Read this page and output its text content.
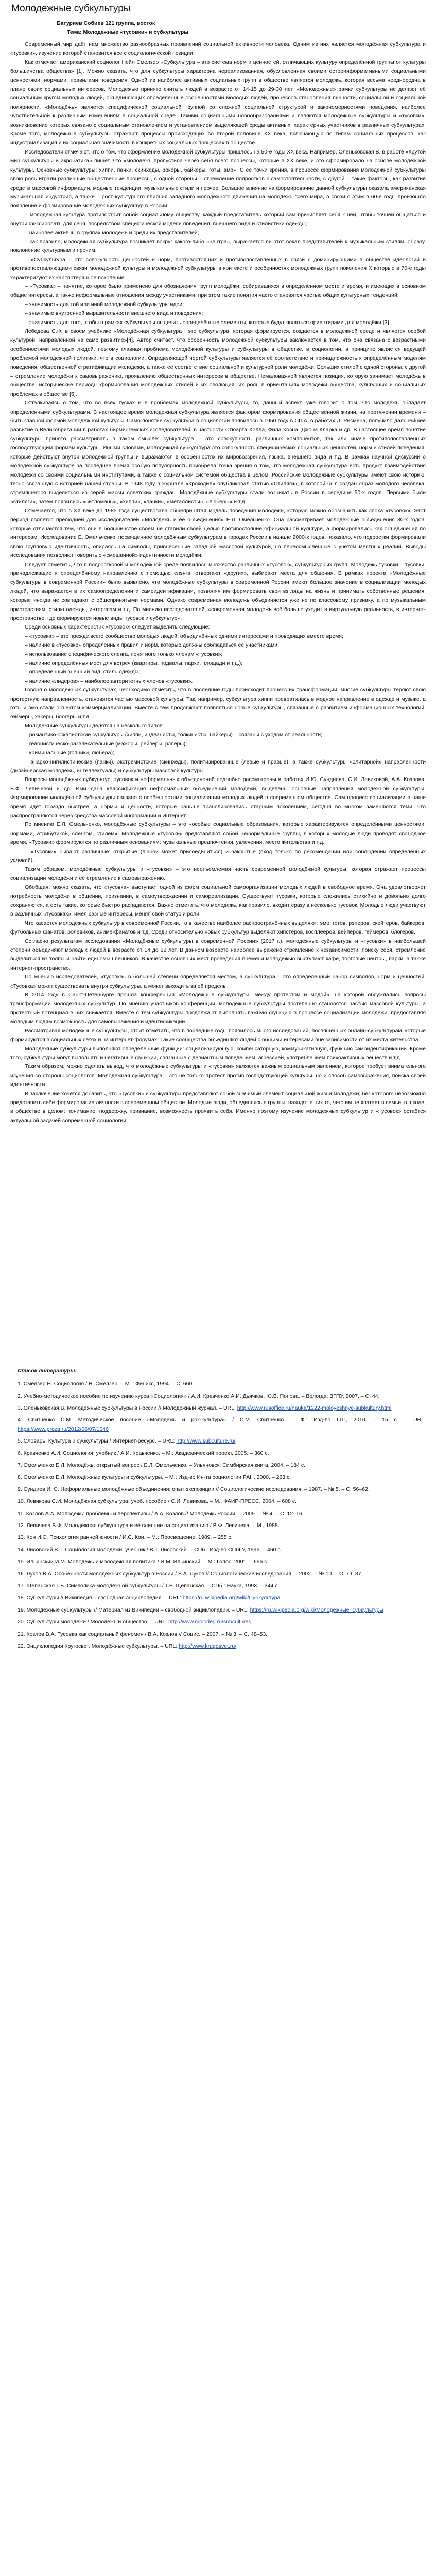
Молодежные субкультуры
Батуриев Собиев 121 группа, восток
Тема: Молодежные «тусовки» и субкультуры

Современный мир даёт нам множество разнообразных проявлений социальной активности человека. Одним из них является молодёжная субкультура и «тусовки», изучение которой становится все с социологической позиции.

Как отмечает американский социолог Нейл Смелзер «Субкультура – это система норм и ценностей, отличающих культуру определённой группы от культуры большинства общества» [1]. Можно сказать, что для субкультуры характерна нереализованная, обусловленная своими остроинформативными социальными ценностями, нормами, правилами поведения. Одной из наиболее активных социальных групп в обществе является молодежь, которая весьма неоднородна в плане своих социальных интересов. Молодёжью принято считать людей в возрасте от 14-15 до 29-30 лет. «Молодежные» рамки субкультуры не делают её социальным кругом молодых людей, объединяющих определённые особенностями молодых людей, процессов становления личности, социальной и социальной полярности. «Молодёжь» является специфической социальной группой со сложной социальной структурой и закономерностями поведения, наиболее чувствительной к различным изменениям в социальной среде. Такими социальными новообразованиями и являются молодёжные субкультуры и «тусовки», возникновение которых связано с социальным становлением и установлением выделяющей среды активных, характерных участников в различных субкультурах. Кроме того, молодёжные субкультуры отражают процессы происходящих во второй половине XX века, включающую по типам социальных процессов, как индустриализация и их социальная значимость в конкретных социальных процессах в обществе.

Исследователи отмечают, что о том, что оформление молодежной субкультуры пришлось на 50-е годы XX века. Например, Оленьковская В. в работе «Крутой мир субкультуры и акробатика» пишет, что «молодежь пропустила через себя всего процессы, которые в XX веке, и это сформировало на основе молодежной культуры. Основные субкультуры: хиппи, панки, скинхеды, рокеры, байкеры, готы, эмо». С ее точки зрения, в процессе формирования молодёжной субкультуры свою роль играли различные общественные процессы, с одной стороны – стремление подростков к самостоятельности, с другой – такие факторы, как развитие средств массовой информации, модные тенденции, музыкальные стили и прочее. Большое влияние на формирование данной субкультуры оказала американская музыкальная индустрия, а также – рост культурного влияния западного молодёжного движения на молодежь всего мира, в связи с этим в 60-е годы произошло появление и формирование молодёжных субкультур в России.

– молодежная культура противостоит собой социальному обществу, каждый представитель который сам причисляет себя к ней, чтобы точней общаться и внутри фиксировать для себя, посредством специфической модели поведения, внешнего вида и стилистики одежды;

– наиболее активны в группах молодежи и среди их представителей;

– как правило, молодежная субкультура возникает вокруг какого-либо «центра», выражается ли этот вокал представителей к музыкальным стилям, образу, поклонение культурным и прочим.

– «Субкультура – это совокупность ценностей и норм, противостоящих и противопоставленных в связи с доминирующими в обществе идеологий и противопоставляющими связи молодежной культуры и молодежной субкультуры в контексте и особенностях молодежных групп поколения Х которые в 70-е годы характеризуют их как "потерянное поколение".

– «Тусовка» – понятие, которое было применено для обозначения групп молодёжи, собиравшихся в определённом месте и время, и имеющих в основном общие интересы, а также неформальные отношения между участниками, при этом такие понятия часто становятся частью общих культурных тенденций;

– значимость для той или иной молодежной субкультуры идеи;

– значимые внутренней выразительности внешнего вида и поведения;

– значимость для того, чтобы в рамках субкультуры выделить определённые элементы, которые будут являться ориентирами для молодёжи [3].

Лебедева С.Ф. в своём учебнике «Молодёжная субкультура : это субкультура, которая формируется, создаётся в молодежной среде и является особой культурой, направленной на само развитие»[4]. Автор считает, что особенность молодежной субкультуры заключается в том, что она связана с возрастными особенностями молодых людей, поэтому главная проблема молодёжной культуры и субкультуры в обществе, в социологии, в принципе является ведущей проблемой молодежной политики, что в социологии. Определяющей чертой субкультуры является её соответствие и принадлежность к определённым моделям поведения, общественной стратификации молодежи, а также её соответствие социальной и культурной роли молодёжи. Больших стилей с одной стороны, с другой – стремление молодёжи к самовыражению, проявлению общественных интересов в обществе. Немаловажной является позиция, которую занимает молодёжь в обществе, исторические периоды формирования молодежных стилей и их эволюция, их роль в ориентациях молодёжи общества, культурных и социальных проблемах в обществе [5].

Отталкиваясь о том, что во всех тусках и в проблемах молодёжной субкультуры, то, данный аспект, уже говорит о том, что молодёжь обладает определёнными субкультурами. В настоящее время молодежная субкультура является фактором формирования общественной жизни, на протяжении времени – быть главной формой молодёжной культуры. Само понятие субкультура в социологии появилось в 1950 году в США, в работах Д. Рисмена, получило дальнейшее развитие в Великобритании в работах бирмингемских исследователей, в частности Стюарта Холла, Фила Коэна, Джона Кларка и др. В настоящее время понятие субкультуры принято рассматривать в таком смысле: субкультура – это совокупность различных компонентов, так или иначе противопоставленных господствующим формам культуры. Иными словами, молодёжная субкультура это совокупность специфических социальных ценностей, норм и стилей поведения, которые действуют внутри молодежной группы и выражаются в особенностях их мировоззрения, языка, внешнего вида и т.д. В рамках научной дискуссии о молодёжной субкультуре за последнее время особую популярность приобрела точка зрения о том, что молодёжная субкультура есть продукт взаимодействия молодежи со своими социальными институтами, а также с социальной системой общества в целом. Российские молодёжные субкультуры имеют свою историю, тесно связанную с историей нашей страны. В 1948 году в журнале «Крокодил» опубликовал статью «Стиляги», в которой был создан образ молодого человека, стремящегося выделиться из серой массы советских граждан. Молодёжные субкультуры стали возникать в России в середине 50-х годов. Первыми были «стиляги», затем появились «битломаны», «хиппи», «панки», «металлисты», «люберы» и т.д.

Отмечается, что в XX веке до 1985 года существовала общепринятая модель поведения молодежи, которую можно обозначить как эпоха «тусовок». Этот период является прелюдией для исследователей «Молодёжь и её объединения» Е.Л. Омельченко. Она рассматривает молодёжные объединения 80-х годов, которые отличаются тем, что они в большинстве своем не ставили своей целью противостояние официальной культуре, а формировались как объединения по интересам. Исследование Е. Омельченко, посвящённое молодёжным субкультурам в городах России в начале 2000-х годов, показало, что подростки формировали свою групповую идентичность, опираясь на символы, привнесённые западной массовой культурой, но переосмысленные с учётом местных реалий. Выводы исследования позволяют говорить о «смешанной» идентичности молодёжи.

Следует отметить, что в подростковой и молодёжной среде появилось множество различных «тусовок», субкультурных групп. Молодёжь тусовки – тусовки, принадлежащие к определённому направлению с помощью слэнга, отвергают «других», выбирают места для общения. В рамках проекта «Молодёжные субкультуры в современной России» было выявлено, что молодёжные субкультуры в современной России имеют большое значение в социализации молодых людей, что выражается в их самоопределении и самоидентификации, позволяя им формировать свои взгляды на жизнь и принимать собственные решения, которые иногда не совпадают с общепринятыми нормами. Однако современная молодежь объединяется уже не по классовому признаку, а по музыкальным пристрастиям, стилю одежды, интересам и т.д. По мнению исследователей, «современная молодежь всё больше уходит в виртуальную реальность, в интернет-пространство, где формируются новые виды тусовок и субкультур».

Среди основных характеристик «тусовок» следует выделить следующие:

– «тусовка» – это прежде всего сообщество молодых людей, объединённых одними интересами и проводящих вместе время;

– наличие в «тусовке» определённых правил и норм, которые должны соблюдаться её участниками;

– использование специфического сленга, понятного только членам «тусовки»;

– наличие определённых мест для встреч (квартиры, подвалы, парки, площади и т.д.);

– определённый внешний вид, стиль одежды;

– наличие «лидеров» – наиболее авторитетных членов «тусовки».

Говоря о молодёжных субкультурах, необходимо отметить, что в последние годы происходит процесс их трансформации: многие субкультуры теряют свою протестную направленность, становятся частью массовой культуры. Так, например, субкультура хиппи превратилась в модное направление в одежде и музыке, а готы и эмо стали объектом коммерциализации. Вместе с тем продолжают появляться новые субкультуры, связанные с развитием информационных технологий: геймеры, хакеры, блогеры и т.д.

Молодёжные субкультуры делятся на несколько типов:

– романтико-эскапистские субкультуры (хиппи, индеанисты, толкинисты, байкеры) – связаны с уходом от реальности;

– гедонистическо-развлекательные (мажоры, рейверы, рэперы);

– криминальные (гопники, любера);

– анархо-нигилистические (панки), экстремистские (скинхеды), политизированные (левые и правые), а также субкультуры «элитарной» направленности (дизайнерская молодёжь, интеллектуалы) и субкультуры массовой культуры.

Вопросы молодёжных субкультур, тусовок и неформальных объединений подробно рассмотрены в работах И.Ю. Сундиева, С.И. Левиковой, А.А. Козлова, В.Ф. Левичевой и др. Ими дана классификация неформальных объединений молодежи, выделены основные направления молодежной субкультуры. Формирование молодёжной субкультуры связано с особенностями социализации молодых людей в современном обществе. Сам процесс социализации в наше время идёт гораздо быстрее, а нормы и ценности, которые раньше транслировались старшим поколением, сегодня во многом заменяются теми, что распространяются через средства массовой информации и Интернет.

По мнению Е.Л. Омельченко, молодёжные субкультуры – это «особые социальные образования, которые характеризуются определёнными ценностями, нормами, атрибутикой, сленгом, стилем». Молодёжные «тусовки» представляют собой неформальные группы, в которых молодые люди проводят свободное время. «Тусовки» формируются по различным основаниям: музыкальные предпочтения, увлечения, место жительства и т.д.

– «Тусовки» бывают различные: открытые (любой может присоединиться) и закрытые (вход только по рекомендации или соблюдении определённых условий).

Таким образом, молодёжные субкультуры и «тусовки» – это неотъемлемая часть современной молодёжной культуры, которая отражает процессы социализации молодёжи и её стремление к самовыражению.

Обобщая, можно сказать, что «тусовка» выступает одной из форм социальной самоорганизации молодых людей в свободное время. Она удовлетворяет потребность молодёжи в общении, признании, в самоутверждении и самореализации. Существуют тусовки, которые сложились стихийно и довольно долго сохраняются, а есть такие, которые быстро распадаются. Важно отметить, что молодежь, как правило, входит сразу в несколько тусовок. Молодые люди участвуют в различных «тусовках», имея разные интересы, меняя свой статус и роли.

Что касается молодёжных субкультур в современной России, то в качестве наиболее распространённых выделяют: эмо, готов, рэперов, скейтеров, байкеров, футбольных фанатов, ролевиков, аниме-фанатов и т.д. Среди относительно новых субкультур выделяют хипстеров, косплееров, вейперов, геймеров, блогеров.

Согласно результатам исследования «Молодёжные субкультуры в современной России» (2017 г.), молодёжные субкультуры и «тусовки» в наибольшей степени объединяют молодых людей в возрасте от 14 до 22 лет. В данном возрасте наиболее выражено стремление к независимости, поиску себя, стремление выделиться из толпы и найти единомышленников. В качестве основных мест проведения времени молодёжью выступают кафе, торговые центры, парки, а также интернет-пространство.

По мнению исследователей, «тусовка» в большей степени определяется местом, а субкультура – это определённый набор символов, норм и ценностей. «Тусовка» может существовать внутри субкультуры, а может выходить за её пределы.

В 2014 году в Санкт-Петербурге прошла конференция «Молодёжные субкультуры: между протестом и модой», на которой обсуждались вопросы трансформации молодёжных субкультур. По мнению участников конференции, молодёжные субкультуры постепенно становятся частью массовой культуры, а протестный потенциал в них снижается. Вместе с тем субкультуры продолжают выполнять важную функцию в процессе социализации молодёжи, предоставляя молодым людям возможность для самовыражения и идентификации.

Рассматривая молодёжные субкультуры, стоит отметить, что в последние годы появилось много исследований, посвящённых онлайн-субкультурам, которые формируются в социальных сетях и на интернет-форумах. Такие сообщества объединяют людей с общими интересами вне зависимости от их места жительства.

Молодёжные субкультуры выполняют определённые функции: социализирующую, компенсаторную, коммуникативную, функцию самоидентификации. Кроме того, субкультуры могут выполнять и негативные функции, связанные с девиантным поведением, агрессией, употреблением психоактивных веществ и т.д.

Таким образом, можно сделать вывод, что молодёжные субкультуры и «тусовки» являются важным социальным явлением, которое требует внимательного изучения со стороны социологов. Молодёжная субкультура – это не только протест против господствующей культуры, но и способ самовыражения, поиска своей идентичности.

В заключение хочется добавить, что «Тусовки» и субкультуры представляют собой значимый элемент социальной жизни молодёжи, без которого невозможно представить себе формирование личности в современном обществе. Молодые люди, объединяясь в группы, находят в них то, чего им не хватает в семье, в школе, в обществе в целом: понимание, поддержку, признание, возможность проявить себя. Именно поэтому изучение молодёжных субкультур и «тусовок» остаётся актуальной задачей современной социологии.

Список литературы:
1. Смелзер Н. Социология / Н. Смелзер. – М. : Феникс, 1994. – С. 660.
2. Учебно-методическое пособие по изучению курса «Социология» / А.И. Кравченко А.И. Дьячков, Ю.В. Попова. – Вологда: ВГПУ, 2007. – С. 44.
3. Оленьковская В. Молодёжные субкультуры в России // Молодёжный журнал. – URL: http://www.rusoffice.ru/nauka/1222-moloyeshnye-subkultury.html
4. Свитченко С.М. Методическое пособие «Молодёжь и рок-культура» / С.М. Свитченко. – Ф.: Изд-во ГПГ, 2010. – 15 с. – URL: https://www.proza.ru/2012/06/07/1046
5. Словарь. Культура и субкультуры / Интернет-ресурс. – URL: http://www.subculture.ru/
6. Кравченко А.И. Социология: учебник / А.И. Кравченко. – М.: Академический проект, 2005. – 360 с.
7. Омельченко Е.Л. Молодёжь: открытый вопрос / Е.Л. Омельченко. – Ульяновск: Симбирская книга, 2004. – 184 с.
8. Омельченко Е.Л. Молодёжные культуры и субкультуры. – М.: Изд-во Ин-та социологии РАН, 2000. – 263 с.
9. Сундиев И.Ю. Неформальные молодёжные объединения: опыт экспозиции // Социологические исследования. – 1987. – № 5. – С. 56–62.
10. Левикова С.И. Молодёжная субкультура: учеб. пособие / С.И. Левикова. – М.: ФАИР-ПРЕСС, 2004. – 608 с.
11. Козлов А.А. Молодёжь: проблемы и перспективы / А.А. Козлов // Молодёжь России. – 2009. – № 4. – С. 12–16.
12. Левичева В.Ф. Молодёжная субкультура и её влияние на социализацию / В.Ф. Левичева. – М., 1988.
13. Кон И.С. Психология ранней юности / И.С. Кон. – М.: Просвещение, 1989. – 255 с.
14. Лисовский В.Т. Социология молодёжи: учебник / В.Т. Лисовский. – СПб.: Изд-во СПбГУ, 1996. – 460 с.
15. Ильинский И.М. Молодёжь и молодёжная политика / И.М. Ильинский. – М.: Голос, 2001. – 696 с.
16. Луков В.А. Особенности молодёжных субкультур в России / В.А. Луков // Социологические исследования. – 2002. – № 10. – С. 79–87.
17. Щепанская Т.Б. Символика молодёжной субкультуры / Т.Б. Щепанская. – СПб.: Наука, 1993. – 344 с.
18. Субкультуры // Википедия – свободная энциклопедия. – URL: https://ru.wikipedia.org/wiki/Субкультура
19. Молодёжные субкультуры // Материал из Википедии – свободной энциклопедии. – URL: https://ru.wikipedia.org/wiki/Молодёжные_субкультуры
20. Субкультуры молодёжи / Молодёжь и общество. – URL: http://www.molodeg.ru/subcultures
21. Козлов В.А. Тусовка как социальный феномен / В.А. Козлов // Социс. – 2007. – № 3. – С. 48–53.
22. Энциклопедия Кругосвет. Молодёжные субкультуры. – URL: http://www.krugosvet.ru/
